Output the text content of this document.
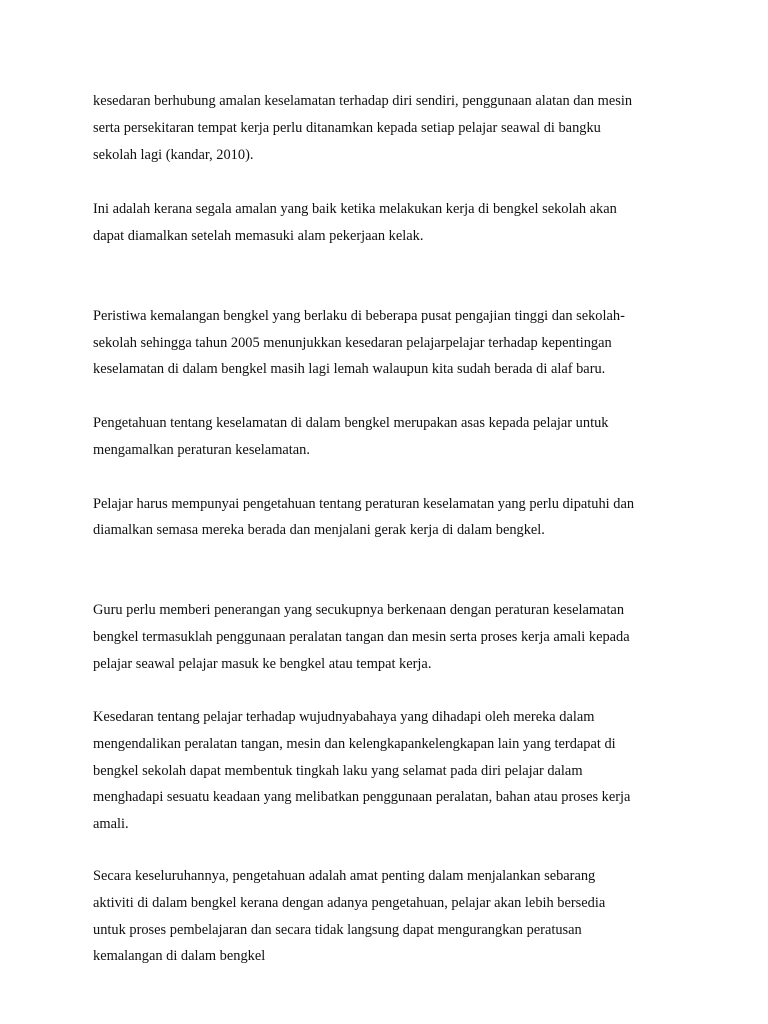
kesedaran berhubung amalan keselamatan terhadap diri sendiri, penggunaan alatan dan mesin

serta persekitaran tempat kerja perlu ditanamkan kepada setiap pelajar seawal di bangku

sekolah lagi (kandar, 2010).

Ini adalah kerana segala amalan yang baik ketika melakukan kerja di bengkel sekolah akan

dapat diamalkan setelah memasuki alam pekerjaan kelak.

Peristiwa kemalangan bengkel yang berlaku di beberapa pusat pengajian tinggi dan sekolah-

sekolah sehingga tahun 2005 menunjukkan kesedaran pelajarpelajar terhadap kepentingan

keselamatan di dalam bengkel masih lagi lemah walaupun kita sudah berada di alaf baru.

Pengetahuan tentang keselamatan di dalam bengkel merupakan asas kepada pelajar untuk

mengamalkan peraturan keselamatan.

Pelajar harus mempunyai pengetahuan tentang peraturan keselamatan yang perlu dipatuhi dan

diamalkan semasa mereka berada dan menjalani gerak kerja di dalam bengkel.

Guru perlu memberi penerangan yang secukupnya berkenaan dengan peraturan keselamatan

bengkel termasuklah penggunaan peralatan tangan dan mesin serta proses kerja amali kepada

pelajar seawal pelajar masuk ke bengkel atau tempat kerja.

Kesedaran tentang pelajar terhadap wujudnyabahaya yang dihadapi oleh mereka dalam

mengendalikan peralatan tangan, mesin dan kelengkapankelengkapan lain yang terdapat di

bengkel sekolah dapat membentuk tingkah laku yang selamat pada diri pelajar dalam

menghadapi sesuatu keadaan yang melibatkan penggunaan peralatan, bahan atau proses kerja

amali.

Secara keseluruhannya, pengetahuan adalah amat penting dalam menjalankan sebarang

aktiviti di dalam bengkel kerana dengan adanya pengetahuan, pelajar akan lebih bersedia

untuk proses pembelajaran dan secara tidak langsung dapat mengurangkan peratusan

kemalangan di dalam bengkel
